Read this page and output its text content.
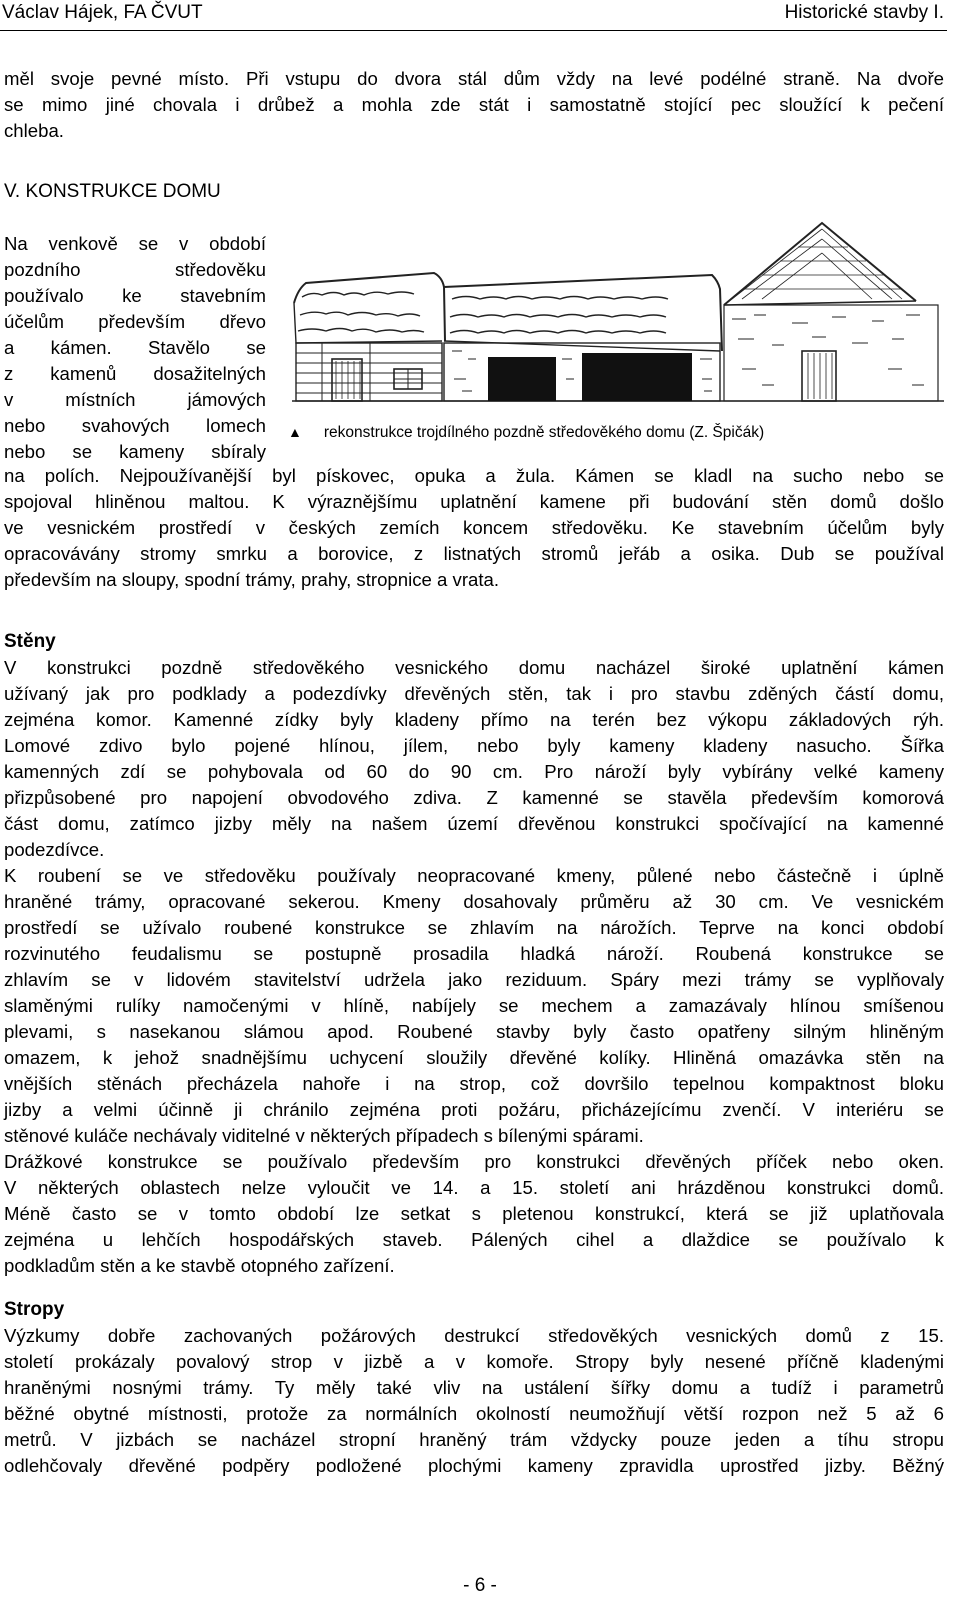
Václav Hájek, FA ČVUT	Historické stavby I.
měl svoje pevné místo. Při vstupu do dvora stál dům vždy na levé podélné straně. Na dvoře
se mimo jiné chovala i drůbež a mohla zde stát i samostatně stojící pec sloužící k pečení
chleba.
V. KONSTRUKCE DOMU
Na venkově se v období
pozdního středověku
používalo ke stavebním
účelům především dřevo
a kámen. Stavělo se
z kamenů dosažitelných
v místních jámových
nebo svahových lomech
nebo se kameny sbíraly
▲ rekonstrukce trojdílného pozdně středověkého domu (Z. Špičák)
na polích. Nejpoužívanější byl pískovec, opuka a žula. Kámen se kladl na sucho nebo se
spojoval hliněnou maltou. K výraznějšímu uplatnění kamene při budování stěn domů došlo
ve vesnickém prostředí v českých zemích koncem středověku. Ke stavebním účelům byly
opracovávány stromy smrku a borovice, z listnatých stromů jeřáb a osika. Dub se používal
především na sloupy, spodní trámy, prahy, stropnice a vrata.
Stěny
V konstrukci pozdně středověkého vesnického domu nacházel široké uplatnění kámen
užívaný jak pro podklady a podezdívky dřevěných stěn, tak i pro stavbu zděných částí domu,
zejména komor. Kamenné zídky byly kladeny přímo na terén bez výkopu základových rýh.
Lomové zdivo bylo pojené hlínou, jílem, nebo byly kameny kladeny nasucho. Šířka
kamenných zdí se pohybovala od 60 do 90 cm. Pro nároží byly vybírány velké kameny
přizpůsobené pro napojení obvodového zdiva. Z kamenné se stavěla především komorová
část domu, zatímco jizby měly na našem území dřevěnou konstrukci spočívající na kamenné
podezdívce.
K roubení se ve středověku používaly neopracované kmeny, půlené nebo částečně i úplně
hraněné trámy, opracované sekerou. Kmeny dosahovaly průměru až 30 cm. Ve vesnickém
prostředí se užívalo roubené konstrukce se zhlavím na nárožích. Teprve na konci období
rozvinutého feudalismu se postupně prosadila hladká nároží. Roubená konstrukce se
zhlavím se v lidovém stavitelství udržela jako reziduum. Spáry mezi trámy se vyplňovaly
slaměnými rulíky namočenými v hlíně, nabíjely se mechem a zamazávaly hlínou smíšenou
plevami, s nasekanou slámou apod. Roubené stavby byly často opatřeny silným hliněným
omazem, k jehož snadnějšímu uchycení sloužily dřevěné kolíky. Hliněná omazávka stěn na
vnějších stěnách přecházela nahoře i na strop, což dovršilo tepelnou kompaktnost bloku
jizby a velmi účinně ji chránilo zejména proti požáru, přicházejícímu zvenčí. V interiéru se
stěnové kuláče nechávaly viditelné v některých případech s bílenými spárami.
Drážkové konstrukce se používalo především pro konstrukci dřevěných příček nebo oken.
V některých oblastech nelze vyloučit ve 14. a 15. století ani hrázděnou konstrukci domů.
Méně často se v tomto období lze setkat s pletenou konstrukcí, která se již uplatňovala
zejména u lehčích hospodářských staveb. Pálených cihel a dlaždice se používalo k
podkladům stěn a ke stavbě otopného zařízení.
Stropy
Výzkumy dobře zachovaných požárových destrukcí středověkých vesnických domů z 15.
století prokázaly povalový strop v jizbě a v komoře. Stropy byly nesené příčně kladenými
hraněnými nosnými trámy. Ty měly také vliv na ustálení šířky domu a tudíž i parametrů
běžné obytné místnosti, protože za normálních okolností neumožňují větší rozpon než 5 až 6
metrů. V jizbách se nacházel stropní hraněný trám vždycky pouze jeden a tíhu stropu
odlehčovaly dřevěné podpěry podložené plochými kameny zpravidla uprostřed jizby. Běžný
- 6 -
